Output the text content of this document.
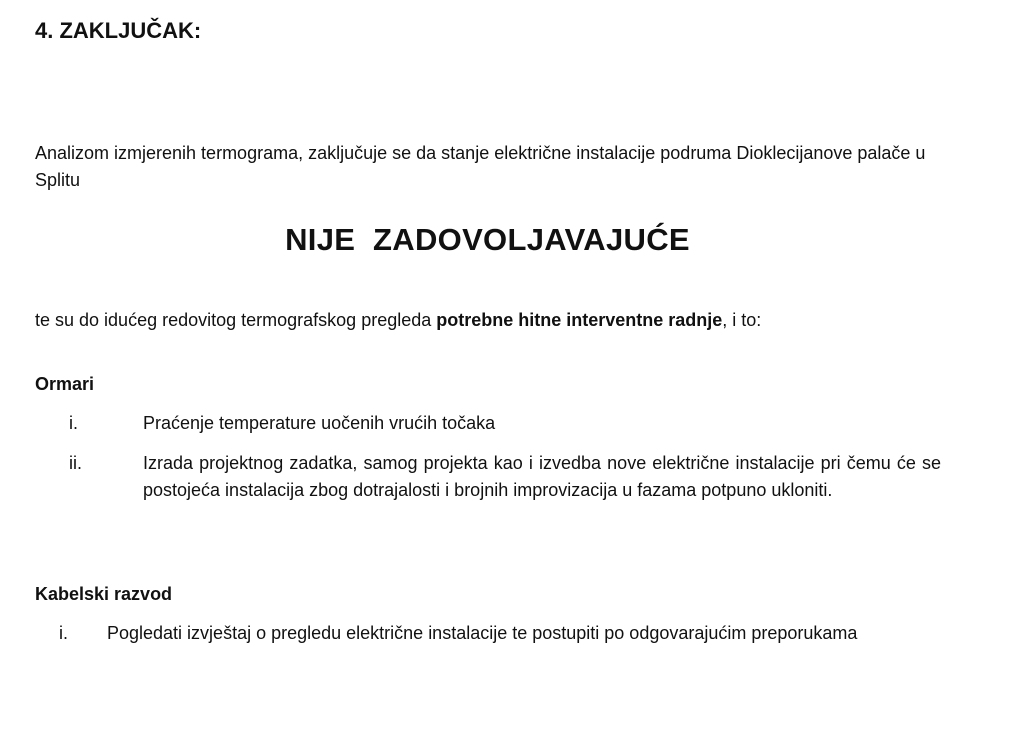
4. ZAKLJUČAK:

Analizom izmjerenih termograma, zaključuje se da stanje električne instalacije podruma Dioklecijanove palače u Splitu

NIJE  ZADOVOLJAVAJUĆE

te su do idućeg redovitog termografskog pregleda potrebne hitne interventne radnje, i to:

Ormari

i.	Praćenje temperature uočenih vrućih točaka

ii.	Izrada projektnog zadatka, samog projekta kao i izvedba nove električne instalacije pri čemu će se postojeća instalacija zbog dotrajalosti i brojnih improvizacija u fazama potpuno ukloniti.

Kabelski razvod

i. Pogledati izvještaj o pregledu električne instalacije te postupiti po odgovarajućim preporukama
